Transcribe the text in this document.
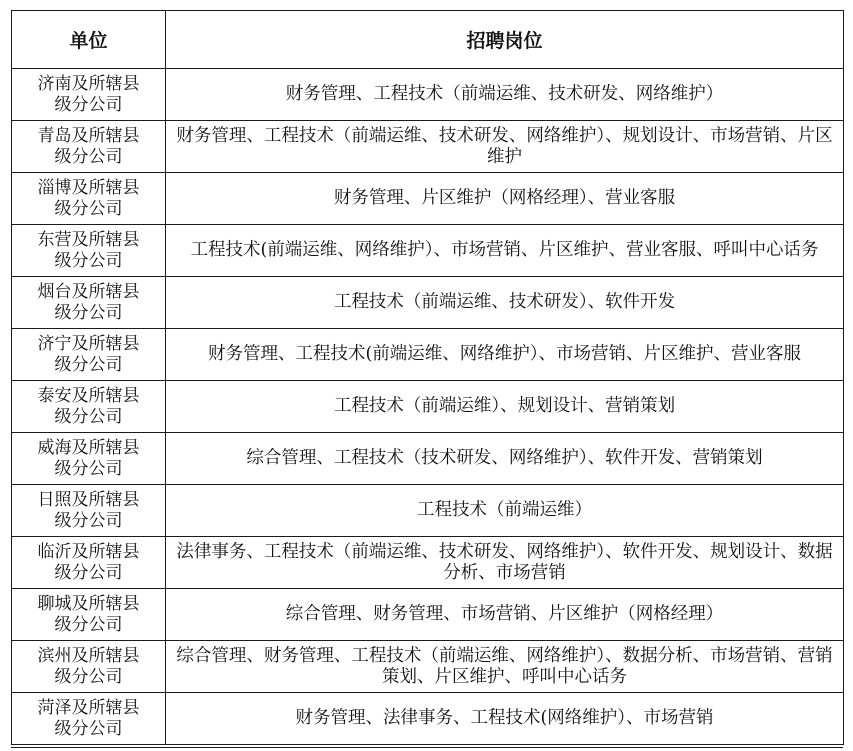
单位	招聘岗位

济南及所辖县
级分公司	财务管理、工程技术（前端运维、技术研发、网络维护）

青岛及所辖县
级分公司	财务管理、工程技术（前端运维、技术研发、网络维护）、规划设计、市场营销、片区维护

淄博及所辖县
级分公司	财务管理、片区维护（网格经理）、营业客服

东营及所辖县
级分公司	工程技术(前端运维、网络维护）、市场营销、片区维护、营业客服、呼叫中心话务

烟台及所辖县
级分公司	工程技术（前端运维、技术研发）、软件开发

济宁及所辖县
级分公司	财务管理、工程技术(前端运维、网络维护）、市场营销、片区维护、营业客服

泰安及所辖县
级分公司	工程技术（前端运维）、规划设计、营销策划

威海及所辖县
级分公司	综合管理、工程技术（技术研发、网络维护）、软件开发、营销策划

日照及所辖县
级分公司	工程技术（前端运维）

临沂及所辖县
级分公司	法律事务、工程技术（前端运维、技术研发、网络维护）、软件开发、规划设计、数据分析、市场营销

聊城及所辖县
级分公司	综合管理、财务管理、市场营销、片区维护（网格经理）

滨州及所辖县
级分公司	综合管理、财务管理、工程技术（前端运维、网络维护）、数据分析、市场营销、营销策划、片区维护、呼叫中心话务

菏泽及所辖县
级分公司	财务管理、法律事务、工程技术(网络维护）、市场营销
